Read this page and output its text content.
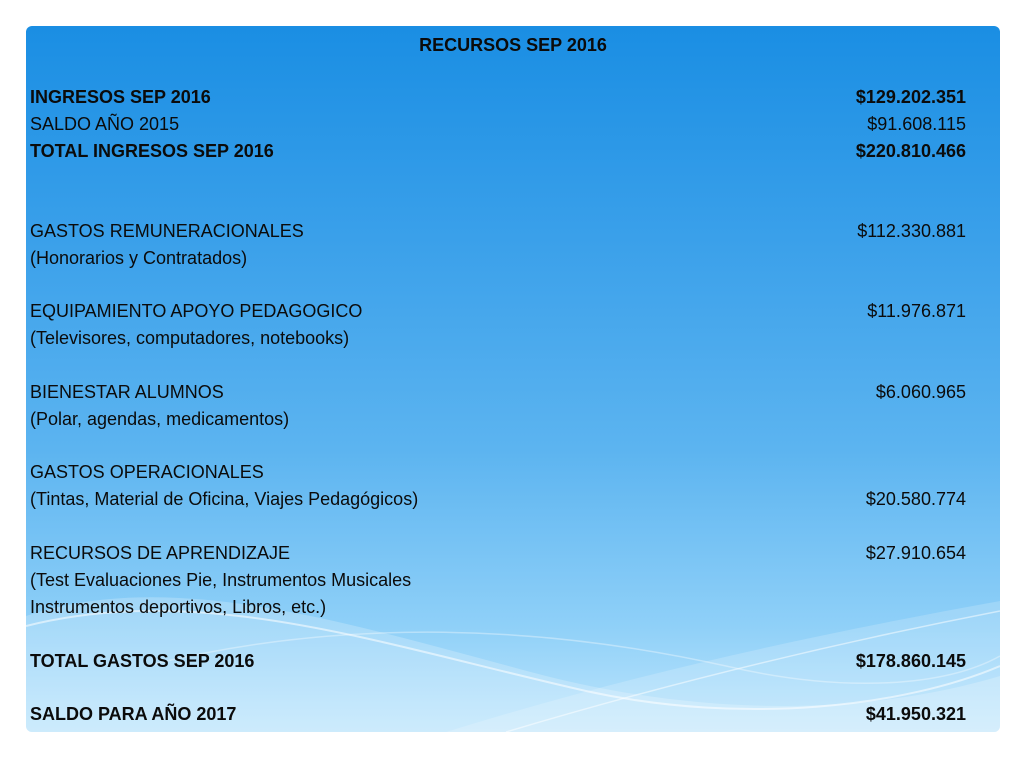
RECURSOS SEP 2016
INGRESOS SEP 2016	$129.202.351
SALDO AÑO 2015	$91.608.115
TOTAL INGRESOS SEP 2016	$220.810.466
GASTOS REMUNERACIONALES	$112.330.881
(Honorarios y Contratados)
EQUIPAMIENTO APOYO PEDAGOGICO	$11.976.871
(Televisores, computadores, notebooks)
BIENESTAR ALUMNOS	$6.060.965
(Polar, agendas, medicamentos)
GASTOS OPERACIONALES
(Tintas, Material de Oficina, Viajes Pedagógicos)	$20.580.774
RECURSOS DE APRENDIZAJE	$27.910.654
(Test Evaluaciones Pie, Instrumentos Musicales
Instrumentos deportivos, Libros, etc.)
TOTAL GASTOS SEP 2016	$178.860.145
SALDO PARA AÑO 2017	$41.950.321
